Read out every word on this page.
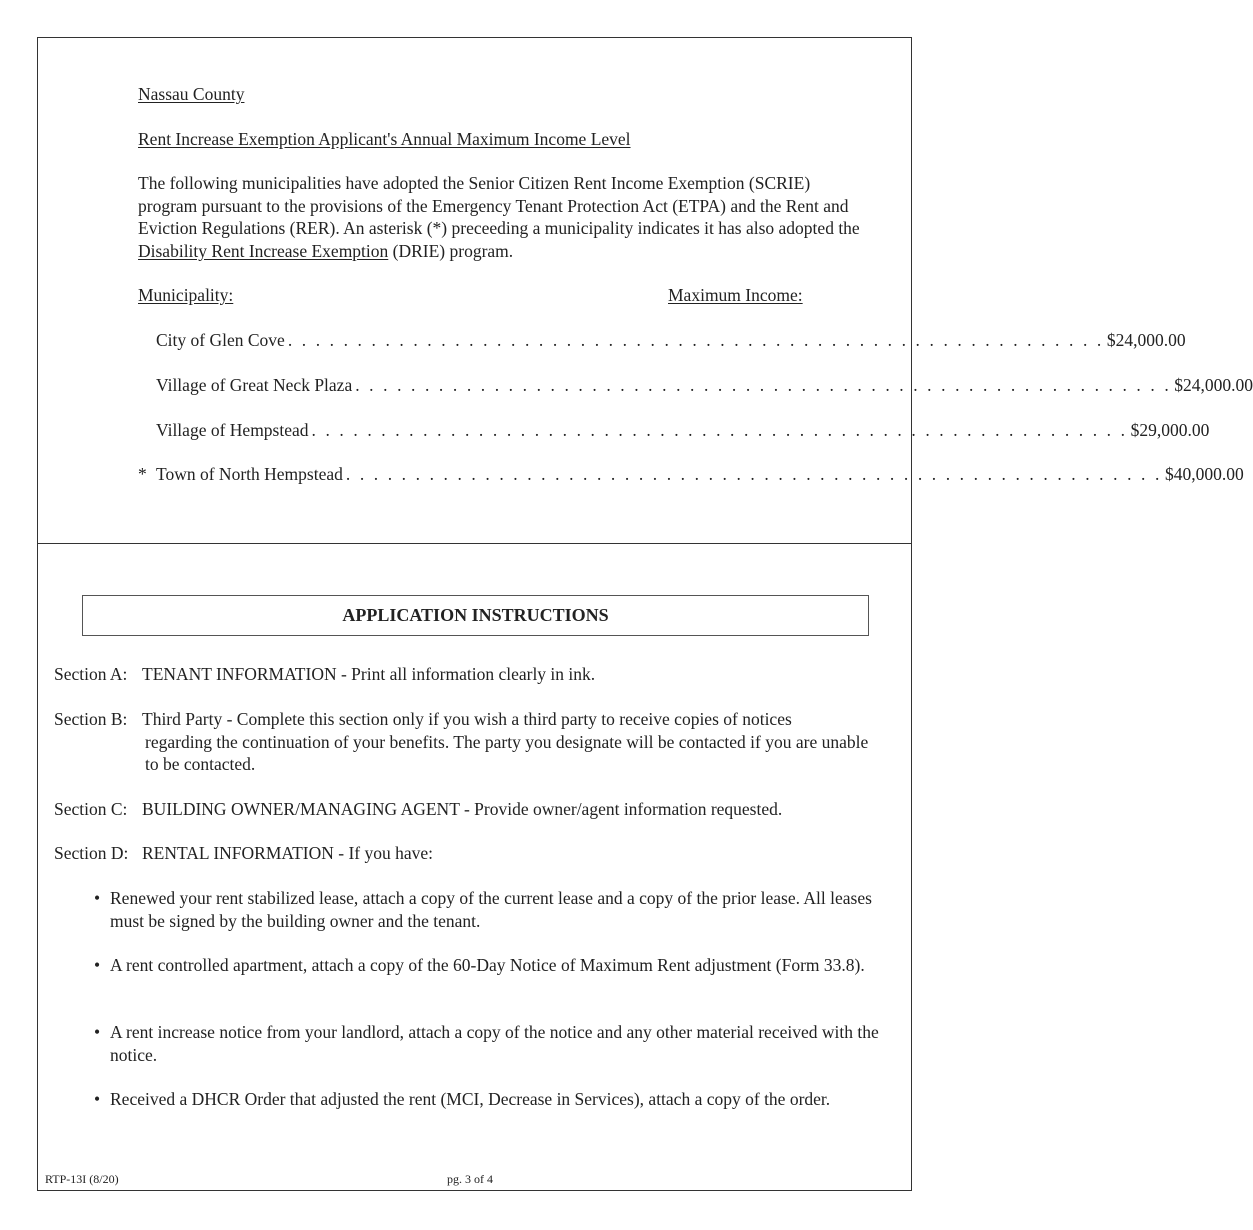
Nassau County
Rent Increase Exemption Applicant's Annual Maximum Income Level
The following municipalities have adopted the Senior Citizen Rent Income Exemption (SCRIE) program pursuant to the provisions of the Emergency Tenant Protection Act (ETPA) and the Rent and Eviction Regulations (RER). An asterisk (*) preceeding a municipality indicates it has also adopted the Disability Rent Increase Exemption (DRIE) program.
Municipality:	Maximum Income:
*
City of Glen Cove . . . . . . . . . . . . . . . . . . . . . . . . . . . . . . . . . . . . . . . . . . . . . . . . . . . . . . . . . . . $24,000.00
Village of Great Neck Plaza . . . . . . . . . . . . . . . . . . . . . . . . . . . . . . . . . . . . . . . . . . . . . . . . . . . . . . . . . . . $24,000.00
Village of Hempstead . . . . . . . . . . . . . . . . . . . . . . . . . . . . . . . . . . . . . . . . . . . . . . . . . . . . . . . . . . . $29,000.00
Town of North Hempstead . . . . . . . . . . . . . . . . . . . . . . . . . . . . . . . . . . . . . . . . . . . . . . . . . . . . . . . . . . . $40,000.00
APPLICATION INSTRUCTIONS
Section A: TENANT INFORMATION - Print all information clearly in ink.
Section B: Third Party - Complete this section only if you wish a third party to receive copies of notices
regarding the continuation of your benefits. The party you designate will be contacted if you are unable to be contacted.
Section C: BUILDING OWNER/MANAGING AGENT - Provide owner/agent information requested.
Section D: RENTAL INFORMATION - If you have:
• Renewed your rent stabilized lease, attach a copy of the current lease and a copy of the prior lease. All leases must be signed by the building owner and the tenant.
• A rent controlled apartment, attach a copy of the 60-Day Notice of Maximum Rent adjustment (Form 33.8).
• A rent increase notice from your landlord, attach a copy of the notice and any other material received with the notice.
• Received a DHCR Order that adjusted the rent (MCI, Decrease in Services), attach a copy of the order.
RTP-13I (8/20)	pg. 3 of 4
